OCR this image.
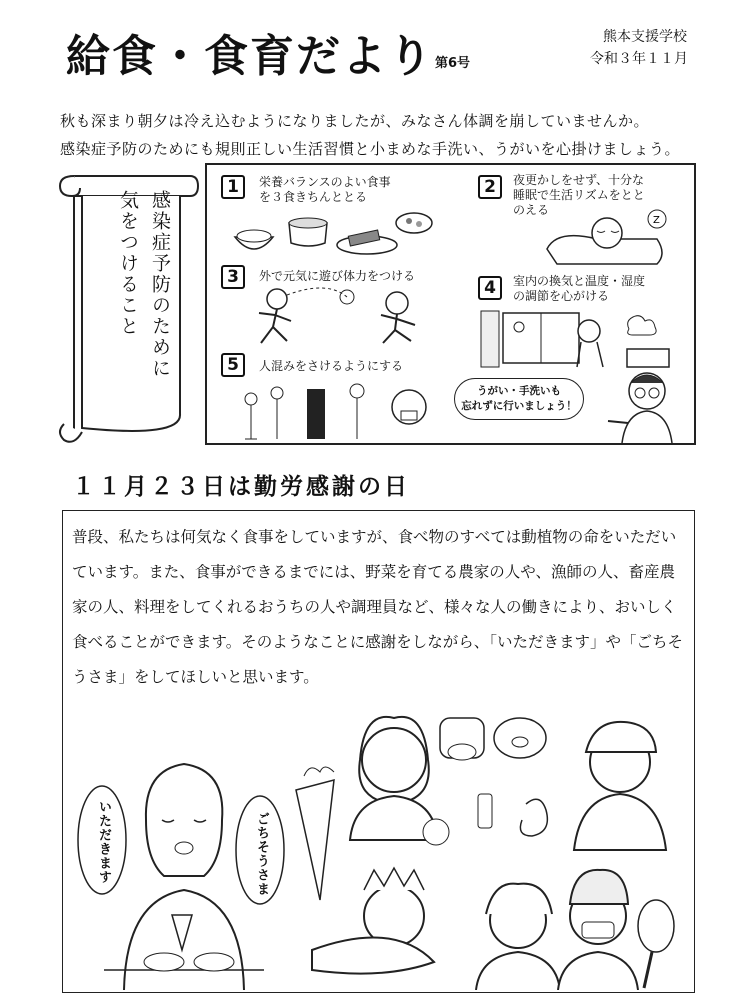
給食・食育だより 第6号
熊本支援学校
令和３年１１月
秋も深まり朝夕は冷え込むようになりましたが、みなさん体調を崩していませんか。
感染症予防のためにも規則正しい生活習慣と小まめな手洗い、うがいを心掛けましょう。
感染症予防のために
気をつけること
1	栄養バランスのよい食事
を３食きちんととる	2	夜更かしをせず、十分な
睡眠で生活リズムをとと
のえる
3	外で元気に遊び体力をつける
4	室内の換気と温度・湿度
の調節を心がける
5	人混みをさけるようにする
Z
うがい・手洗いも
忘れずに行いましょう！
１１月２３日は勤労感謝の日
普段、私たちは何気なく食事をしていますが、食べ物のすべては動植物の命をいただいています。また、食事ができるまでには、野菜を育てる農家の人や、漁師の人、畜産農家の人、料理をしてくれるおうちの人や調理員など、様々な人の働きにより、おいしく食べることができます。そのようなことに感謝をしながら、「いただきます」や「ごちそうさま」をしてほしいと思います。
いただきます	ごちそうさま
